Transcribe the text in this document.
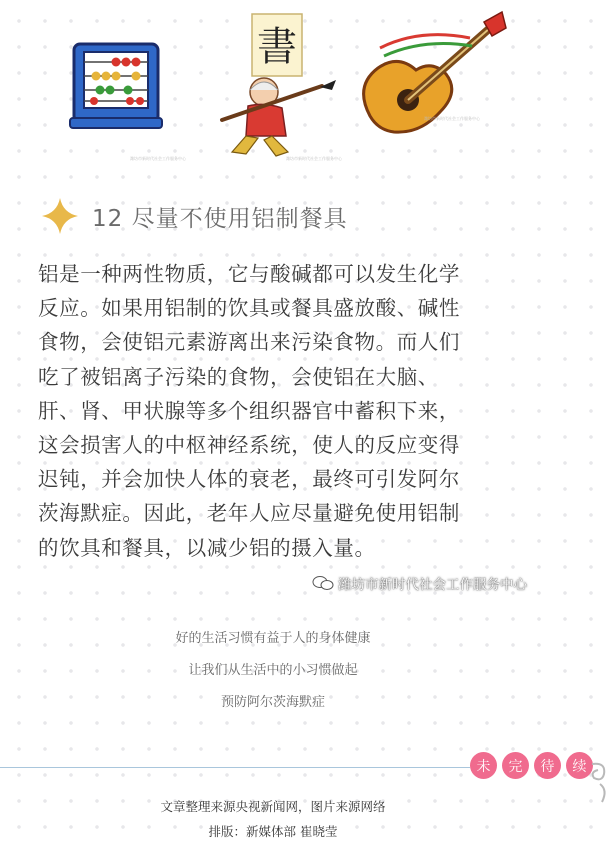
書
潍坊市新时代社会工作服务中心	潍坊市新时代社会工作服务中心
潍坊市新时代社会工作服务中心
12 尽量不使用铝制餐具
铝是一种两性物质，它与酸碱都可以发生化学
反应。如果用铝制的饮具或餐具盛放酸、碱性
食物，会使铝元素游离出来污染食物。而人们
吃了被铝离子污染的食物，会使铝在大脑、
肝、肾、甲状腺等多个组织器官中蓄积下来，
这会损害人的中枢神经系统，使人的反应变得
迟钝，并会加快人体的衰老，最终可引发阿尔
茨海默症。因此，老年人应尽量避免使用铝制
的饮具和餐具，以减少铝的摄入量。
潍坊市新时代社会工作服务中心
好的生活习惯有益于人的身体健康
让我们从生活中的小习惯做起
预防阿尔茨海默症
未	完	待	续
文章整理来源央视新闻网，图片来源网络
排版：新媒体部 崔晓莹
